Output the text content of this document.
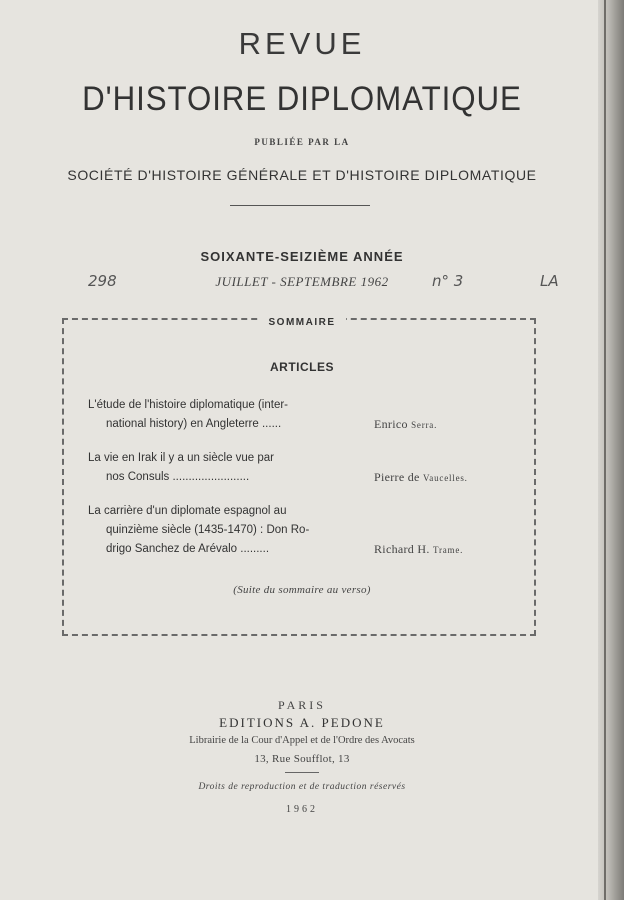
REVUE
D'HISTOIRE DIPLOMATIQUE
PUBLIÉE PAR LA
SOCIÉTÉ D'HISTOIRE GÉNÉRALE ET D'HISTOIRE DIPLOMATIQUE
SOIXANTE-SEIZIÈME ANNÉE
JUILLET - SEPTEMBRE 1962
298	n° 3	LA
SOMMAIRE
ARTICLES
L'étude de l'histoire diplomatique (inter-
national history) en Angleterre ......	Enrico Serra.
La vie en Irak il y a un siècle vue par
nos Consuls ........................	Pierre de Vaucelles.
La carrière d'un diplomate espagnol au
quinzième siècle (1435-1470) : Don Ro-
drigo Sanchez de Arévalo .........	Richard H. Trame.
(Suite du sommaire au verso)
PARIS
EDITIONS A. PEDONE
Librairie de la Cour d'Appel et de l'Ordre des Avocats
13, Rue Soufflot, 13
Droits de reproduction et de traduction réservés
1962
